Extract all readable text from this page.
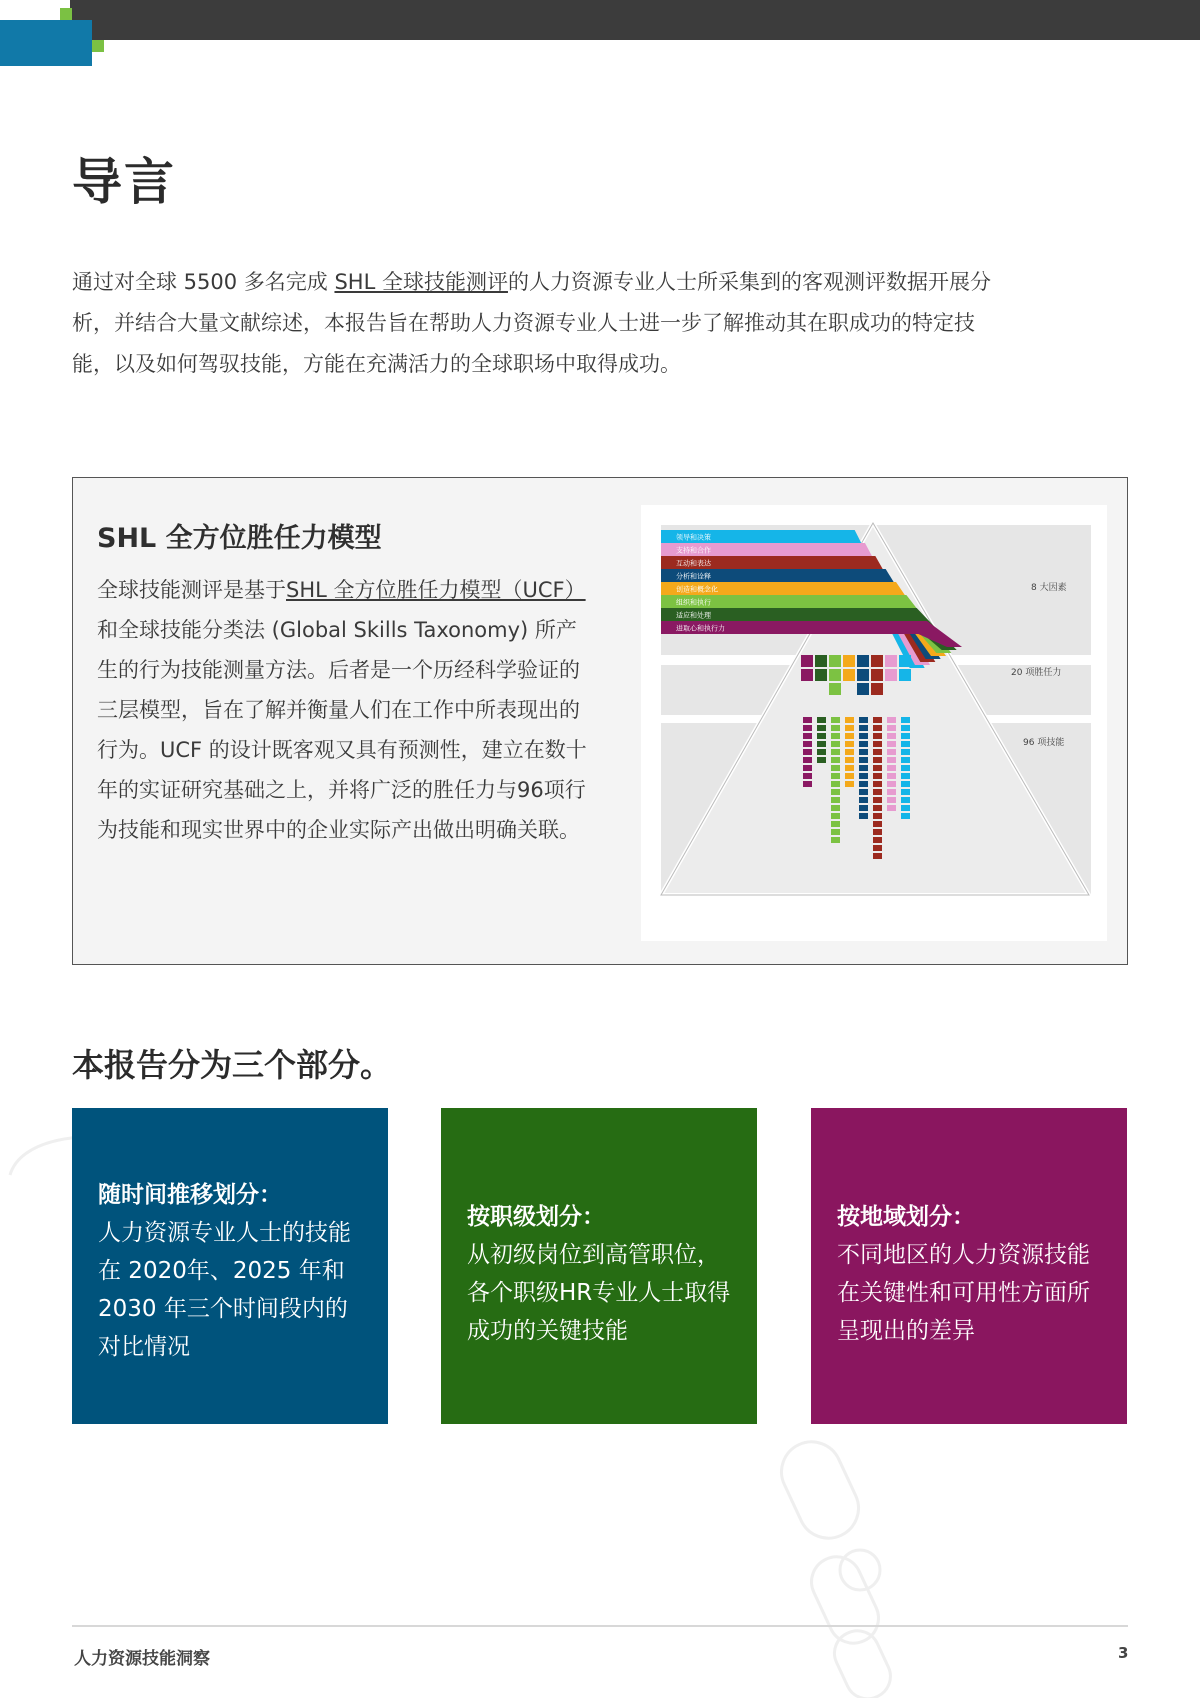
导言

通过对全球 5500 多名完成 SHL 全球技能测评的人力资源专业人士所采集到的客观测评数据开展分析，并结合大量文献综述，本报告旨在帮助人力资源专业人士进一步了解推动其在职成功的特定技能，以及如何驾驭技能，方能在充满活力的全球职场中取得成功。

SHL 全方位胜任力模型

全球技能测评是基于SHL 全方位胜任力模型（UCF）和全球技能分类法 (Global Skills Taxonomy) 所产生的行为技能测量方法。后者是一个历经科学验证的三层模型，旨在了解并衡量人们在工作中所表现出的行为。UCF 的设计既客观又具有预测性，建立在数十年的实证研究基础之上，并将广泛的胜任力与96项行为技能和现实世界中的企业实际产出做出明确关联。

领导和决策
支持和合作
互动和表达
分析和诠释
创造和概念化
组织和执行
适应和处理
进取心和执行力
8 大因素
20 项胜任力
96 项技能
本报告分为三个部分。
随时间推移划分：
人力资源专业人士的技能在 2020年、2025 年和 2030 年三个时间段内的对比情况
按职级划分：
从初级岗位到高管职位，各个职级HR专业人士取得成功的关键技能
按地域划分：
不同地区的人力资源技能在关键性和可用性方面所呈现出的差异
人力资源技能洞察	3
